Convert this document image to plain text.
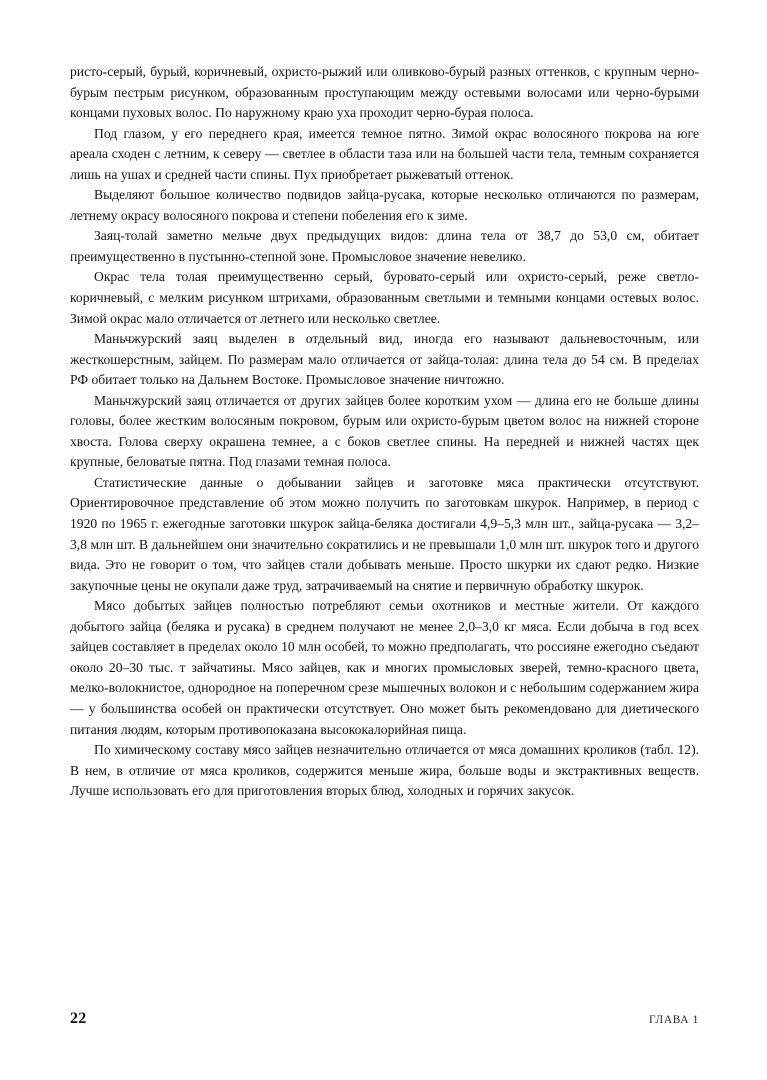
ристо-серый, бурый, коричневый, охристо-рыжий или оливково-бурый разных оттенков, с крупным черно-бурым пестрым рисунком, образованным проступающим между остевыми волосами или черно-бурыми концами пуховых волос. По наружному краю уха проходит черно-бурая полоса.

Под глазом, у его переднего края, имеется темное пятно. Зимой окрас волосяного покрова на юге ареала сходен с летним, к северу — светлее в области таза или на большей части тела, темным сохраняется лишь на ушах и средней части спины. Пух приобретает рыжеватый оттенок.

Выделяют большое количество подвидов зайца-русака, которые несколько отличаются по размерам, летнему окрасу волосяного покрова и степени побеления его к зиме.

Заяц-толай заметно мельче двух предыдущих видов: длина тела от 38,7 до 53,0 см, обитает преимущественно в пустынно-степной зоне. Промысловое значение невелико.

Окрас тела толая преимущественно серый, буровато-серый или охристо-серый, реже светло-коричневый, с мелким рисунком штрихами, образованным светлыми и темными концами остевых волос. Зимой окрас мало отличается от летнего или несколько светлее.

Маньчжурский заяц выделен в отдельный вид, иногда его называют дальневосточным, или жесткошерстным, зайцем. По размерам мало отличается от зайца-толая: длина тела до 54 см. В пределах РФ обитает только на Дальнем Востоке. Промысловое значение ничтожно.

Маньчжурский заяц отличается от других зайцев более коротким ухом — длина его не больше длины головы, более жестким волосяным покровом, бурым или охристо-бурым цветом волос на нижней стороне хвоста. Голова сверху окрашена темнее, а с боков светлее спины. На передней и нижней частях щек крупные, беловатые пятна. Под глазами темная полоса.

Статистические данные о добывании зайцев и заготовке мяса практически отсутствуют. Ориентировочное представление об этом можно получить по заготовкам шкурок. Например, в период с 1920 по 1965 г. ежегодные заготовки шкурок зайца-беляка достигали 4,9–5,3 млн шт., зайца-русака — 3,2–3,8 млн шт. В дальнейшем они значительно сократились и не превышали 1,0 млн шт. шкурок того и другого вида. Это не говорит о том, что зайцев стали добывать меньше. Просто шкурки их сдают редко. Низкие закупочные цены не окупали даже труд, затрачиваемый на снятие и первичную обработку шкурок.

Мясо добытых зайцев полностью потребляют семьи охотников и местные жители. От каждого добытого зайца (беляка и русака) в среднем получают не менее 2,0–3,0 кг мяса. Если добыча в год всех зайцев составляет в пределах около 10 млн особей, то можно предполагать, что россияне ежегодно съедают около 20–30 тыс. т зайчатины. Мясо зайцев, как и многих промысловых зверей, темно-красного цвета, мелко-волокнистое, однородное на поперечном срезе мышечных волокон и с небольшим содержанием жира — у большинства особей он практически отсутствует. Оно может быть рекомендовано для диетического питания людям, которым противопоказана высококалорийная пища.

По химическому составу мясо зайцев незначительно отличается от мяса домашних кроликов (табл. 12). В нем, в отличие от мяса кроликов, содержится меньше жира, больше воды и экстрактивных веществ. Лучше использовать его для приготовления вторых блюд, холодных и горячих закусок.

22	ГЛАВА 1
